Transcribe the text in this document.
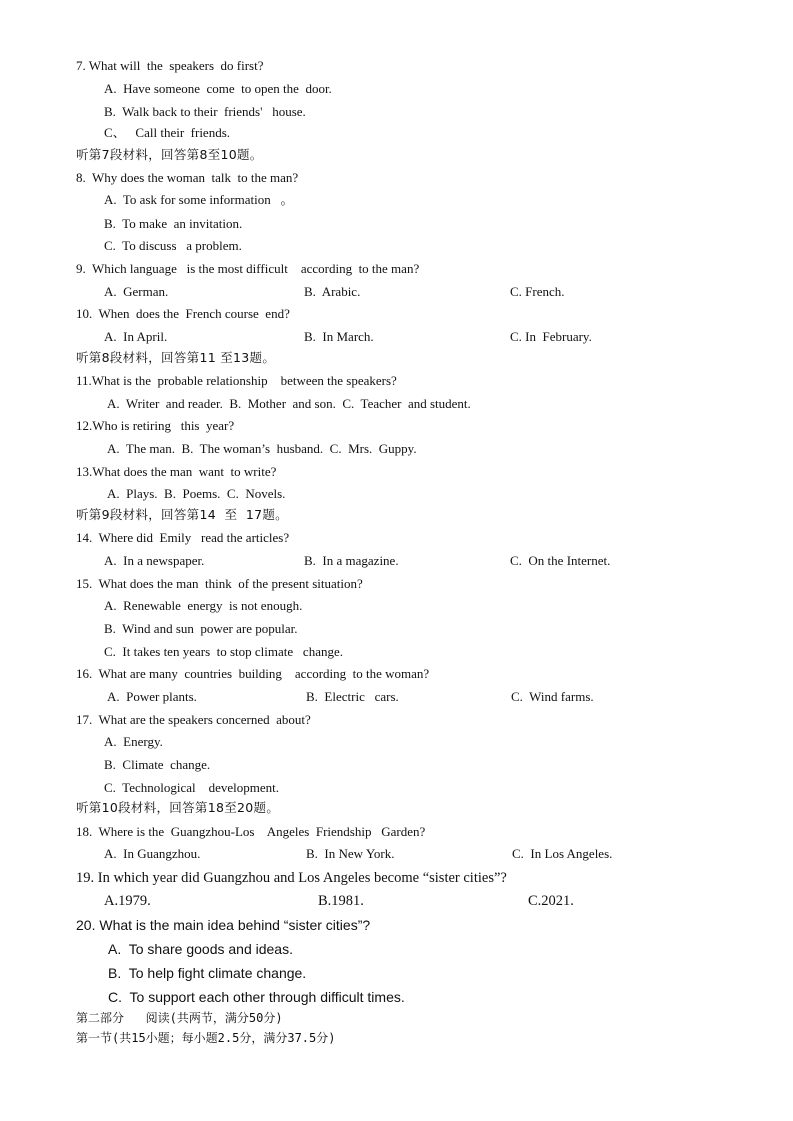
7. What will  the  speakers  do first?
A.  Have someone  come  to open the  door.
B.  Walk back to their  friends'   house.
C、   Call their  friends.
听第7段材料，回答第8至10题。
8.  Why does the woman  talk  to the man?
A.  To ask for some information   。
B.  To make  an invitation.
C.  To discuss   a problem.
9.  Which language   is the most difficult    according  to the man?
A.  German.	B.  Arabic.	C. French.
10.  When  does the  French course  end?
A.  In April.	B.  In March.	C. In  February.
听第8段材料，回答第11 至13题。
11.What is the  probable relationship    between the speakers?
A.  Writer  and reader.  B.  Mother  and son.  C.  Teacher  and student.
12.Who is retiring   this  year?
A.  The man.  B.  The woman’s  husband.  C.  Mrs.  Guppy.
13.What does the man  want  to write?
A.  Plays.  B.  Poems.  C.  Novels.
听第9段材料，回答第14  至  17题。
14.  Where did  Emily   read the articles?
A.  In a newspaper.	B.  In a magazine.	C.  On the Internet.
15.  What does the man  think  of the present situation?
A.  Renewable  energy  is not enough.
B.  Wind and sun  power are popular.
C.  It takes ten years  to stop climate   change.
16.  What are many  countries  building    according  to the woman?
A.  Power plants.	B.  Electric   cars.	C.  Wind farms.
17.  What are the speakers concerned  about?
A.  Energy.
B.  Climate  change.
C.  Technological    development.
听第10段材料，回答第18至20题。
18.  Where is the  Guangzhou-Los    Angeles  Friendship   Garden?
A.  In Guangzhou.	B.  In New York.	C.  In Los Angeles.
19. In which year did Guangzhou and Los Angeles become “sister cities”?
A.1979.	B.1981.	C.2021.
20. What is the main idea behind “sister cities”?
A.  To share goods and ideas.
B.  To help fight climate change.
C.  To support each other through difficult times.
第二部分   阅读(共两节，满分50分)
第一节(共15小题；每小题2.5分，满分37.5分)
